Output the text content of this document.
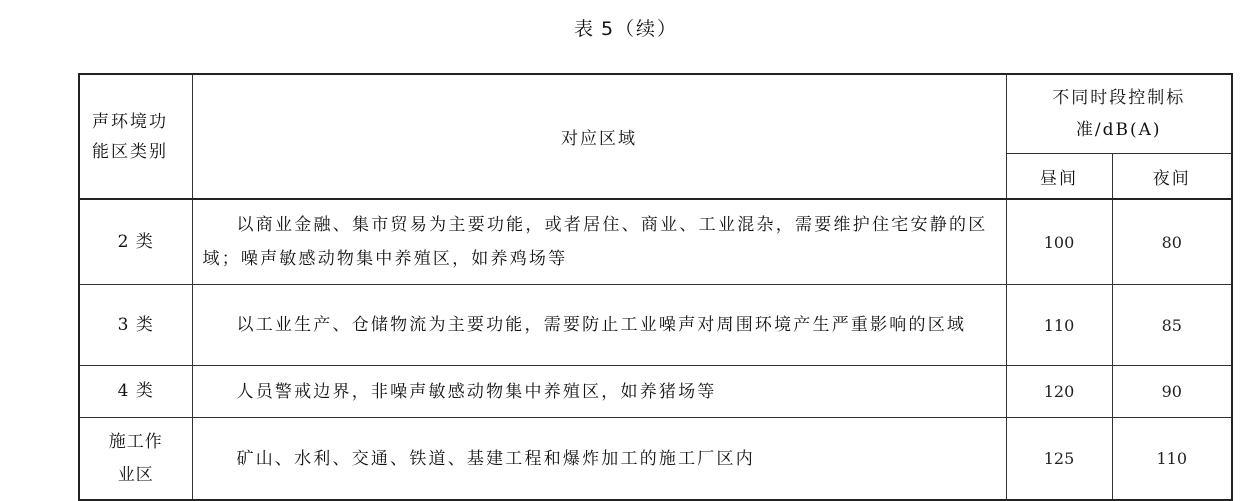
表 5（续）
声环境功能区类别	对应区域	不同时段控制标准/dB(A)	

		昼间	夜间
2 类	以商业金融、集市贸易为主要功能，或者居住、商业、工业混杂，需要维护住宅安静的区域；噪声敏感动物集中养殖区，如养鸡场等	100	80
3 类	以工业生产、仓储物流为主要功能，需要防止工业噪声对周围环境产生严重影响的区域	110	85
4 类	人员警戒边界，非噪声敏感动物集中养殖区，如养猪场等	120	90

施工作业区	矿山、水利、交通、铁道、基建工程和爆炸加工的施工厂区内	125	110
